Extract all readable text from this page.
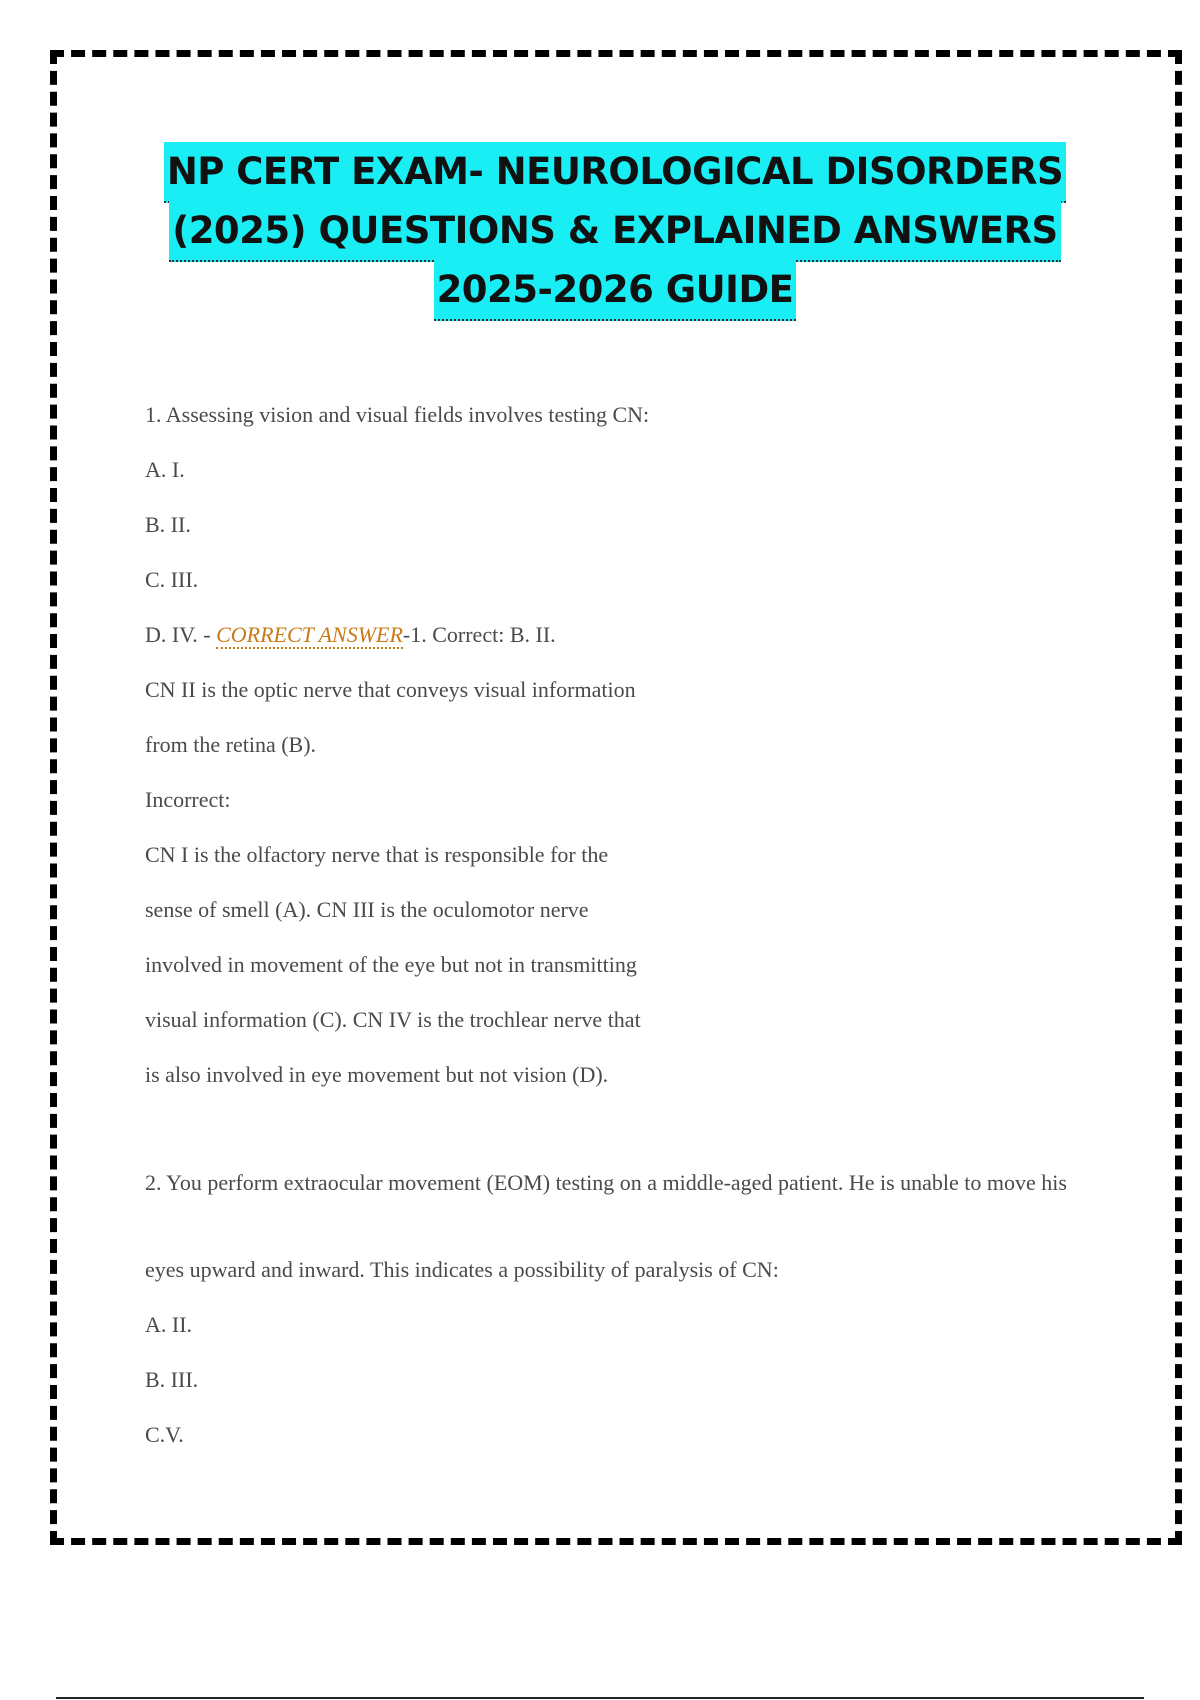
NP CERT EXAM- NEUROLOGICAL DISORDERS
(2025) QUESTIONS & EXPLAINED ANSWERS
2025-2026 GUIDE
1. Assessing vision and visual fields involves testing CN:
A. I.
B. II.
C. III.
D. IV. - CORRECT ANSWER-1. Correct: B. II.
CN II is the optic nerve that conveys visual information
from the retina (B).
Incorrect:
CN I is the olfactory nerve that is responsible for the
sense of smell (A). CN III is the oculomotor nerve
involved in movement of the eye but not in transmitting
visual information (C). CN IV is the trochlear nerve that
is also involved in eye movement but not vision (D).
2. You perform extraocular movement (EOM) testing on a middle-aged patient. He is unable to move his
eyes upward and inward. This indicates a possibility of paralysis of CN:
A. II.
B. III.
C.V.
